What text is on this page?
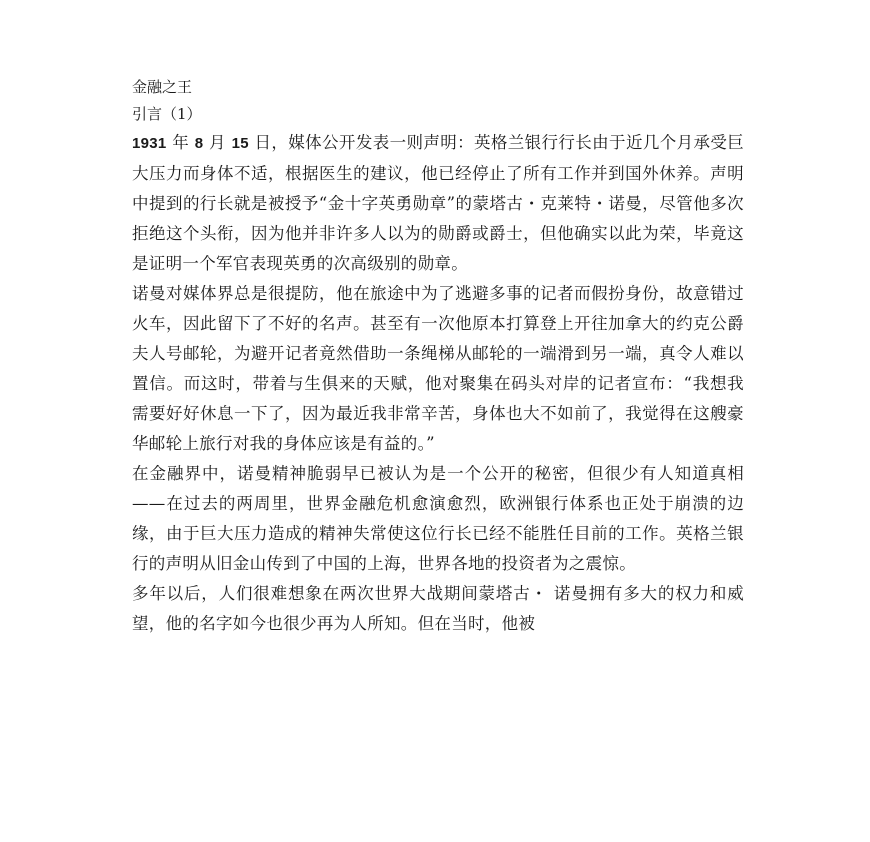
金融之王
引言（1）

1931 年 8 月 15 日，媒体公开发表一则声明：英格兰银行行长由于近几个月承受巨大压力而身体不适，根据医生的建议，他已经停止了所有工作并到国外休养。声明中提到的行长就是被授予“金十字英勇勋章”的蒙塔古・克莱特・诺曼，尽管他多次拒绝这个头衔，因为他并非许多人以为的勋爵或爵士，但他确实以此为荣，毕竟这是证明一个军官表现英勇的次高级别的勋章。

诺曼对媒体界总是很提防，他在旅途中为了逃避多事的记者而假扮身份，故意错过火车，因此留下了不好的名声。甚至有一次他原本打算登上开往加拿大的约克公爵夫人号邮轮，为避开记者竟然借助一条绳梯从邮轮的一端滑到另一端，真令人难以置信。而这时，带着与生俱来的天赋，他对聚集在码头对岸的记者宣布：“我想我需要好好休息一下了，因为最近我非常辛苦，身体也大不如前了，我觉得在这艘豪华邮轮上旅行对我的身体应该是有益的。”

在金融界中，诺曼精神脆弱早已被认为是一个公开的秘密，但很少有人知道真相——在过去的两周里，世界金融危机愈演愈烈，欧洲银行体系也正处于崩溃的边缘，由于巨大压力造成的精神失常使这位行长已经不能胜任目前的工作。英格兰银行的声明从旧金山传到了中国的上海，世界各地的投资者为之震惊。

多年以后，人们很难想象在两次世界大战期间蒙塔古・ 诺曼拥有多大的权力和威望，他的名字如今也很少再为人所知。但在当时，他被
